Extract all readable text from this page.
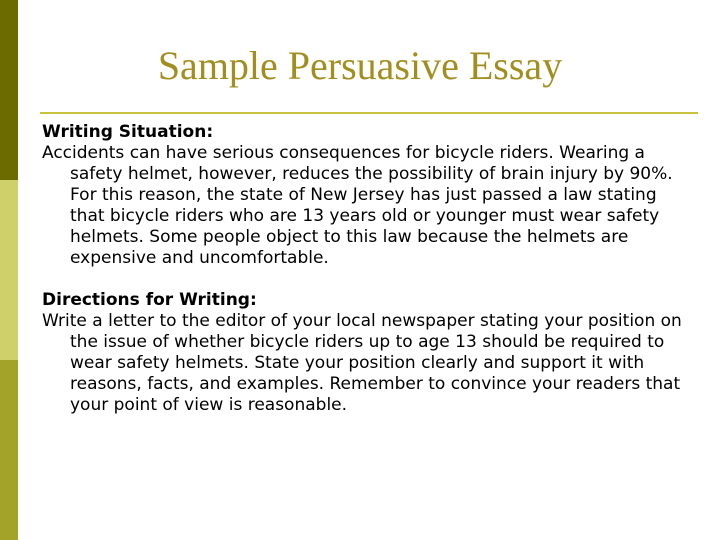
Sample Persuasive Essay

Writing Situation:

Accidents can have serious consequences for bicycle riders. Wearing a safety helmet, however, reduces the possibility of brain injury by 90%. For this reason, the state of New Jersey has just passed a law stating that bicycle riders who are 13 years old or younger must wear safety helmets. Some people object to this law because the helmets are expensive and uncomfortable.

Directions for Writing:

Write a letter to the editor of your local newspaper stating your position on the issue of whether bicycle riders up to age 13 should be required to wear safety helmets. State your position clearly and support it with reasons, facts, and examples. Remember to convince your readers that your point of view is reasonable.
